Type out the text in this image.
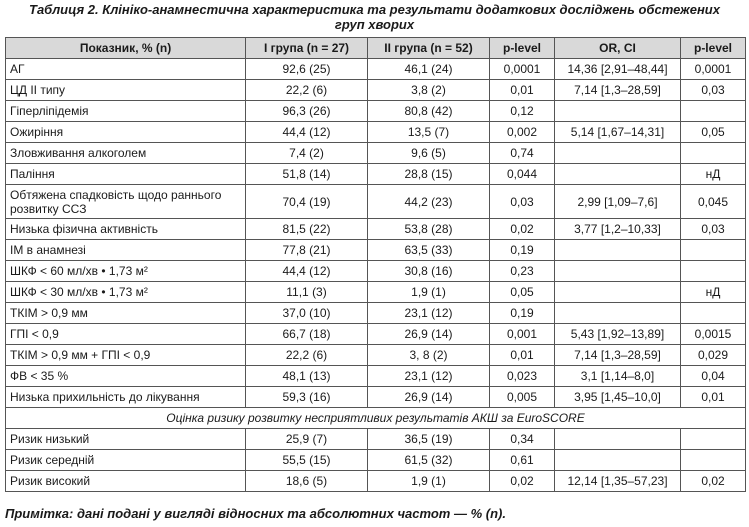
Таблиця 2. Клініко-анамнестична характеристика та результати додаткових досліджень обстежених
груп хворих
Показник, % (n)	І група (n = 27)	ІІ група (n = 52)	p-level	OR, CI	p-level
АГ	92,6 (25)	46,1 (24)	0,0001	14,36 [2,91–48,44]	0,0001
ЦД ІІ типу	22,2 (6)	3,8 (2)	0,01	7,14 [1,3–28,59]	0,03
Гіперліпідемія	96,3 (26)	80,8 (42)	0,12		
Ожиріння	44,4 (12)	13,5 (7)	0,002	5,14 [1,67–14,31]	0,05
Зловживання алкоголем	7,4 (2)	9,6 (5)	0,74		
Паління	51,8 (14)	28,8 (15)	0,044		нД
Обтяжена спадковість щодо раннього розвитку ССЗ	70,4 (19)	44,2 (23)	0,03	2,99 [1,09–7,6]	0,045
Низька фізична активність	81,5 (22)	53,8 (28)	0,02	3,77 [1,2–10,33]	0,03
ІМ в анамнезі	77,8 (21)	63,5 (33)	0,19		
ШКФ < 60 мл/хв • 1,73 м²	44,4 (12)	30,8 (16)	0,23		
ШКФ < 30 мл/хв • 1,73 м²	11,1 (3)	1,9 (1)	0,05		нД
ТКІМ > 0,9 мм	37,0 (10)	23,1 (12)	0,19		
ГПІ < 0,9	66,7 (18)	26,9 (14)	0,001	5,43 [1,92–13,89]	0,0015
ТКІМ > 0,9 мм + ГПІ < 0,9	22,2 (6)	3, 8 (2)	0,01	7,14 [1,3–28,59]	0,029
ФВ < 35 %	48,1 (13)	23,1 (12)	0,023	3,1 [1,14–8,0]	0,04
Низька прихильність до лікування	59,3 (16)	26,9 (14)	0,005	3,95 [1,45–10,0]	0,01
Оцінка ризику розвитку несприятливих результатів АКШ за EuroSCORE					
Ризик низький	25,9 (7)	36,5 (19)	0,34		
Ризик середній	55,5 (15)	61,5 (32)	0,61		
Ризик високий	18,6 (5)	1,9 (1)	0,02	12,14 [1,35–57,23]	0,02
Примітка: дані подані у вигляді відносних та абсолютних частот — % (n).
